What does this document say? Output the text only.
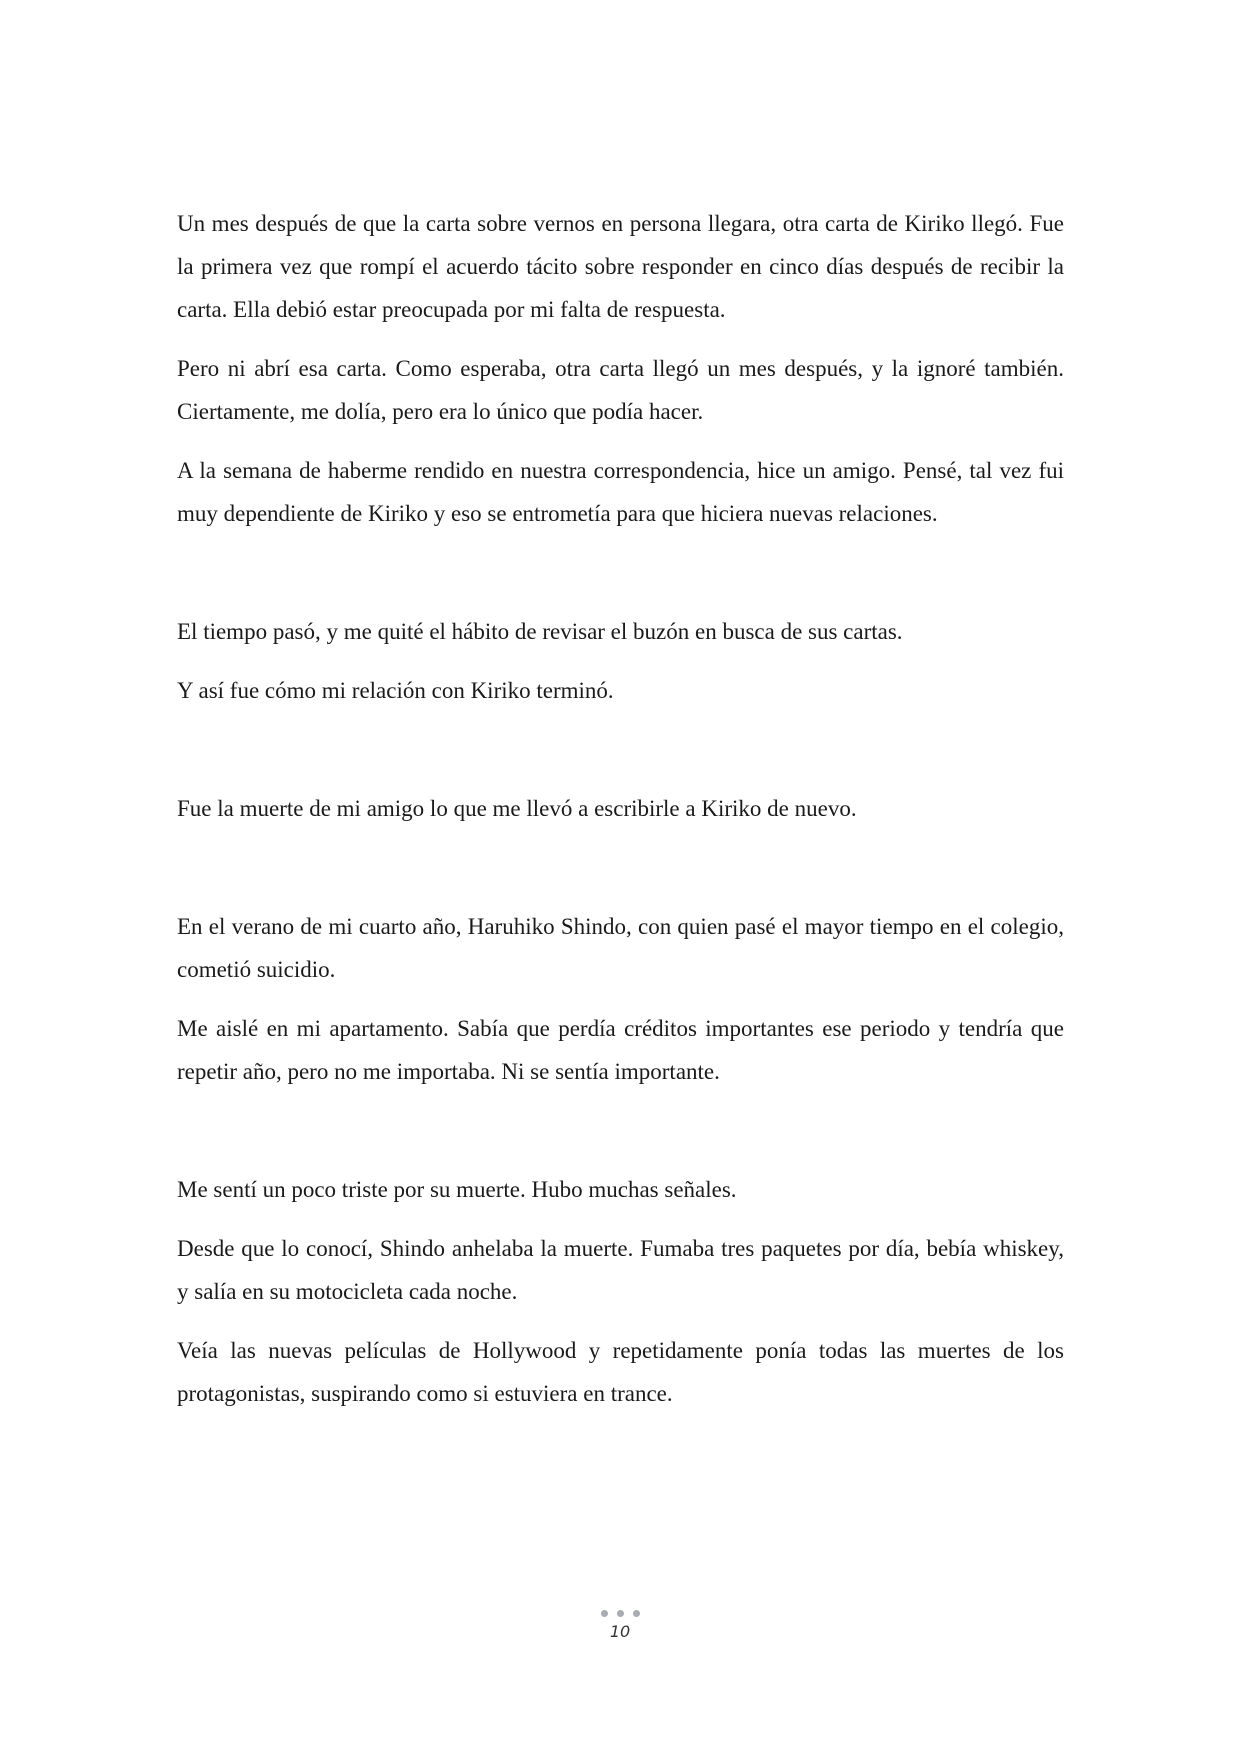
Un mes después de que la carta sobre vernos en persona llegara, otra carta de Kiriko llegó. Fue la primera vez que rompí el acuerdo tácito sobre responder en cinco días después de recibir la carta. Ella debió estar preocupada por mi falta de respuesta.

Pero ni abrí esa carta. Como esperaba, otra carta llegó un mes después, y la ignoré también. Ciertamente, me dolía, pero era lo único que podía hacer.

A la semana de haberme rendido en nuestra correspondencia, hice un amigo. Pensé, tal vez fui muy dependiente de Kiriko y eso se entrometía para que hiciera nuevas relaciones.

El tiempo pasó, y me quité el hábito de revisar el buzón en busca de sus cartas.

Y así fue cómo mi relación con Kiriko terminó.

Fue la muerte de mi amigo lo que me llevó a escribirle a Kiriko de nuevo.

En el verano de mi cuarto año, Haruhiko Shindo, con quien pasé el mayor tiempo en el colegio, cometió suicidio.

Me aislé en mi apartamento. Sabía que perdía créditos importantes ese periodo y tendría que repetir año, pero no me importaba. Ni se sentía importante.

Me sentí un poco triste por su muerte. Hubo muchas señales.

Desde que lo conocí, Shindo anhelaba la muerte. Fumaba tres paquetes por día, bebía whiskey, y salía en su motocicleta cada noche.

Veía las nuevas películas de Hollywood y repetidamente ponía todas las muertes de los protagonistas, suspirando como si estuviera en trance.

10
